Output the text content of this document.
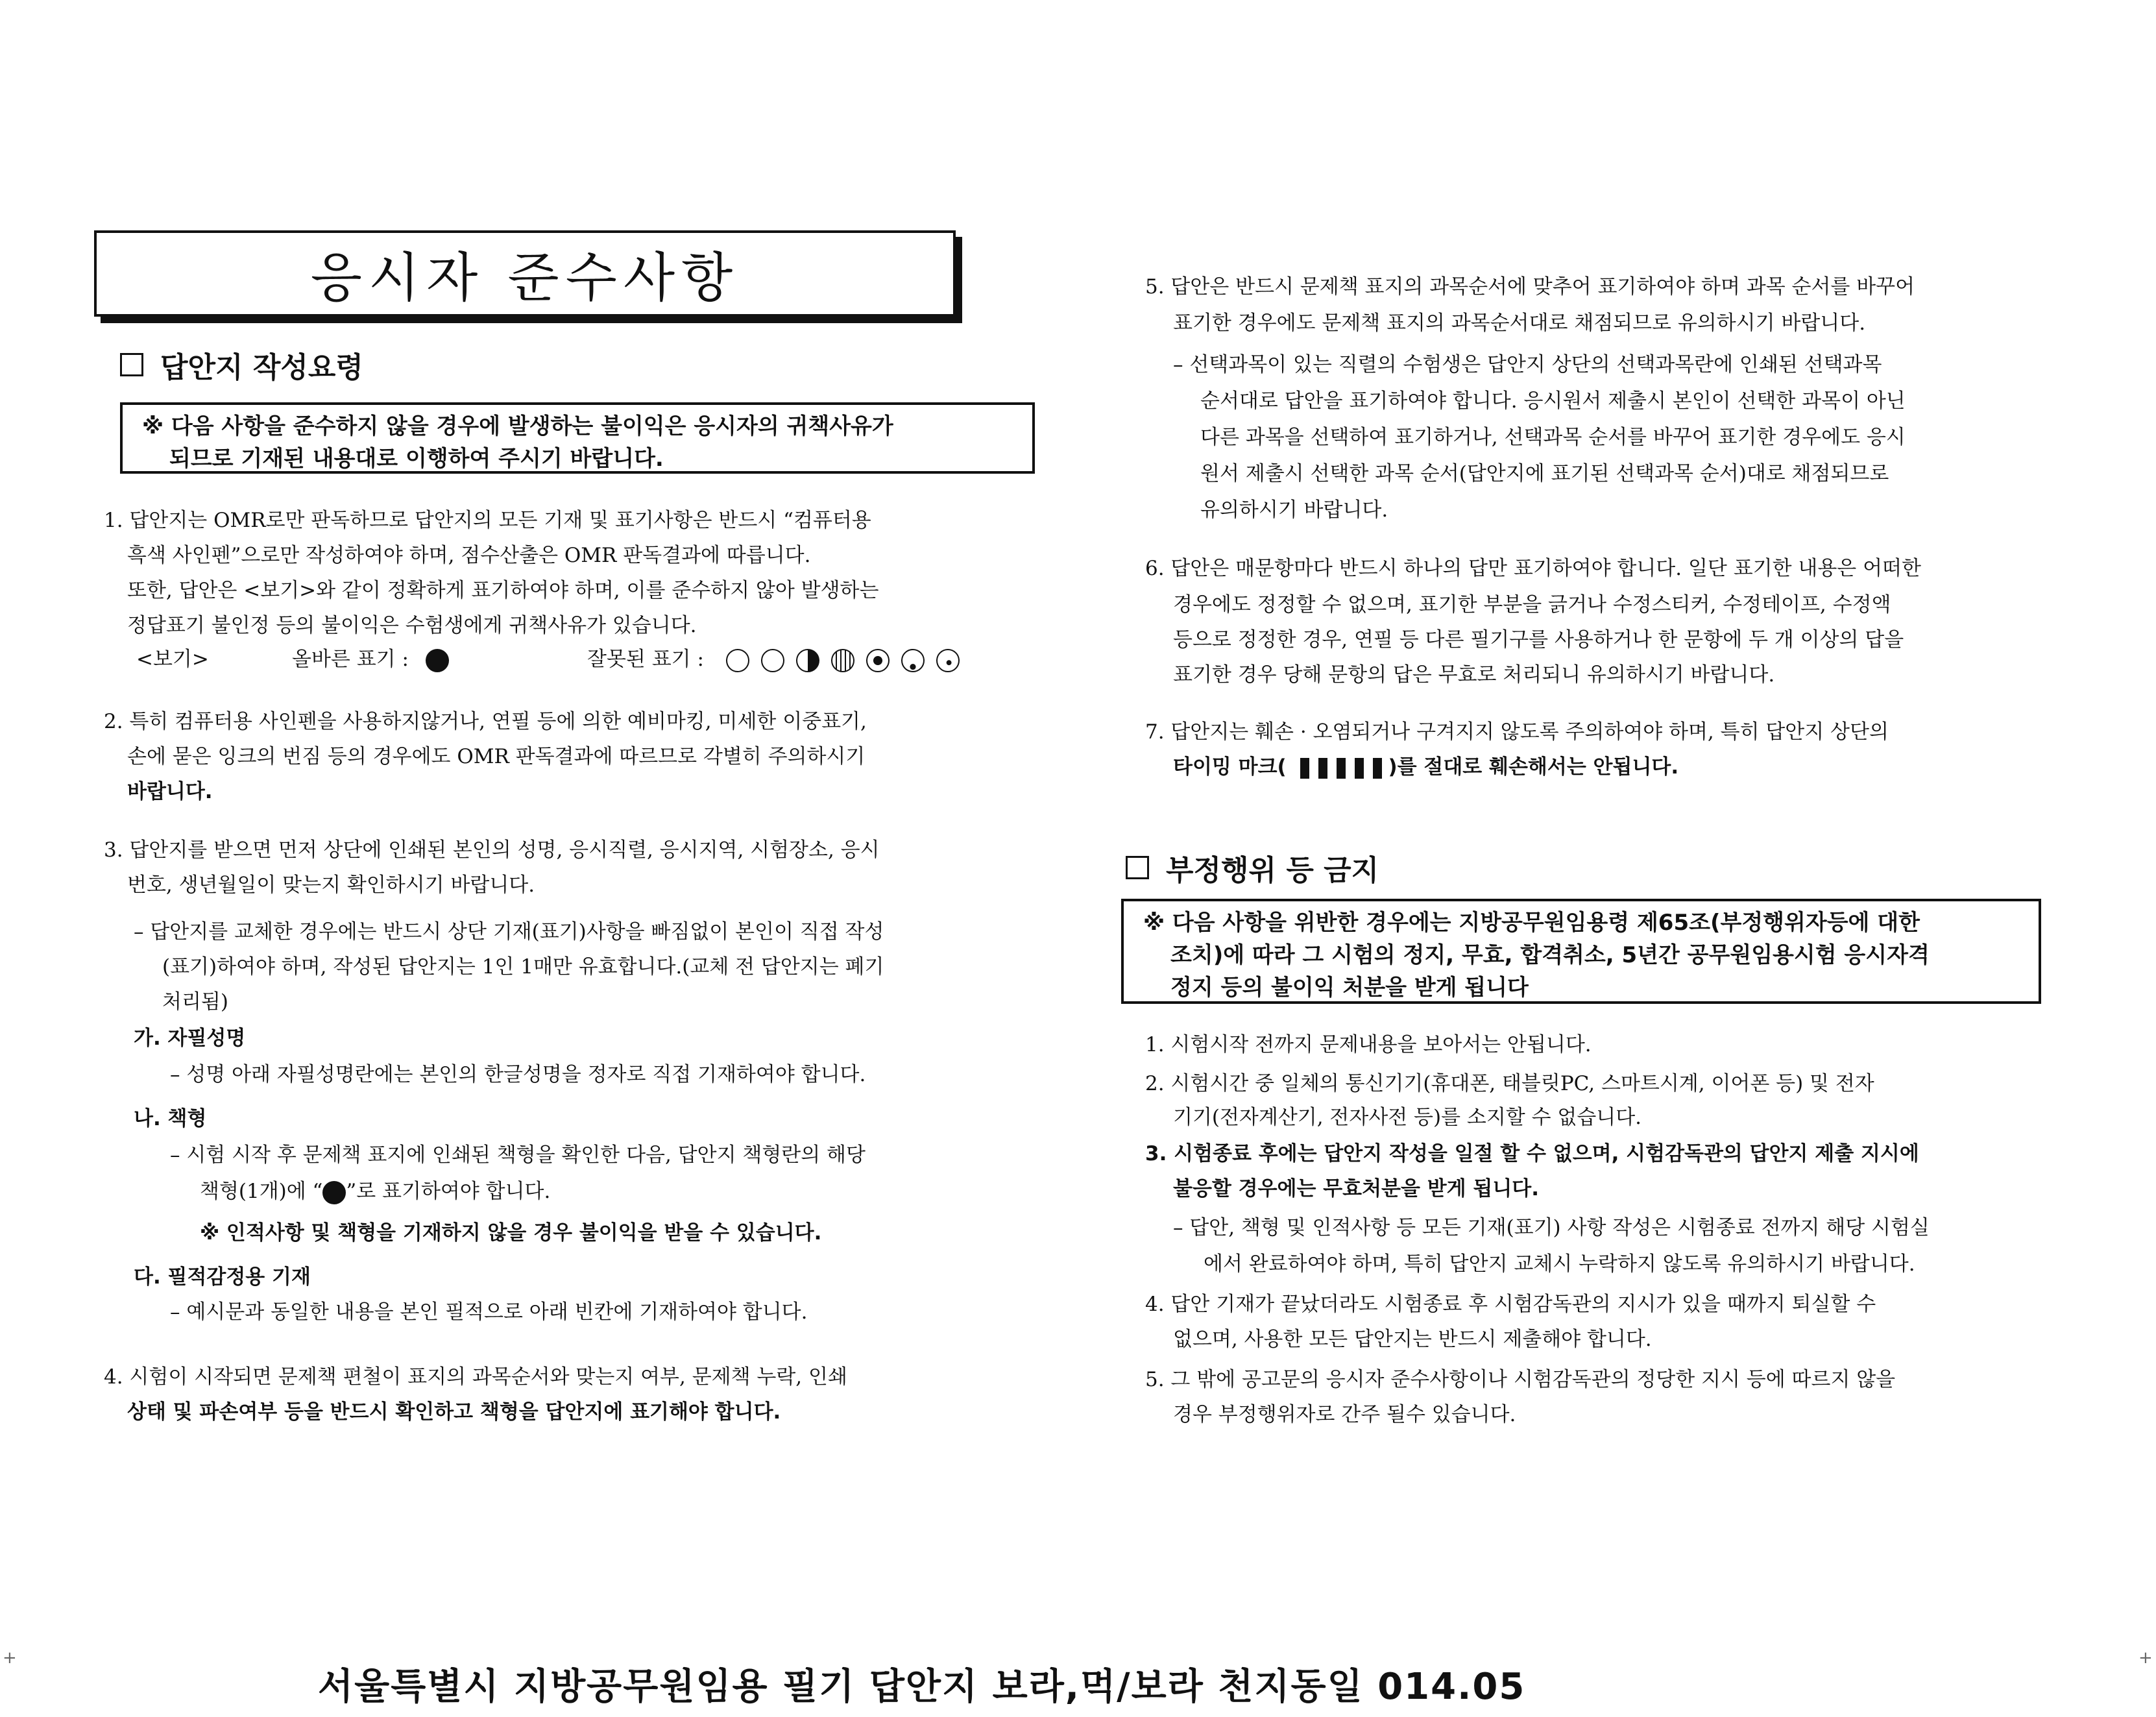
응시자 준수사항
답안지 작성요령
※ 다음 사항을 준수하지 않을 경우에 발생하는 불이익은 응시자의 귀책사유가
되므로 기재된 내용대로 이행하여 주시기 바랍니다.
1. 답안지는 OMR로만 판독하므로 답안지의 모든 기재 및 표기사항은 반드시 “컴퓨터용
흑색 사인펜”으로만 작성하여야 하며, 점수산출은 OMR 판독결과에 따릅니다.
또한, 답안은 <보기>와 같이 정확하게 표기하여야 하며, 이를 준수하지 않아 발생하는
정답표기 불인정 등의 불이익은 수험생에게 귀책사유가 있습니다.
<보기>	올바른 표기 :	잘못된 표기 :
2. 특히 컴퓨터용 사인펜을 사용하지않거나, 연필 등에 의한 예비마킹, 미세한 이중표기,
손에 묻은 잉크의 번짐 등의 경우에도 OMR 판독결과에 따르므로 각별히 주의하시기
바랍니다.
3. 답안지를 받으면 먼저 상단에 인쇄된 본인의 성명, 응시직렬, 응시지역, 시험장소, 응시
번호, 생년월일이 맞는지 확인하시기 바랍니다.
– 답안지를 교체한 경우에는 반드시 상단 기재(표기)사항을 빠짐없이 본인이 직접 작성
(표기)하여야 하며, 작성된 답안지는 1인 1매만 유효합니다.(교체 전 답안지는 폐기
처리됨)
가. 자필성명
– 성명 아래 자필성명란에는 본인의 한글성명을 정자로 직접 기재하여야 합니다.
나. 책형
– 시험 시작 후 문제책 표지에 인쇄된 책형을 확인한 다음, 답안지 책형란의 해당
책형(1개)에 “ ”로 표기하여야 합니다.
※ 인적사항 및 책형을 기재하지 않을 경우 불이익을 받을 수 있습니다.
다. 필적감정용 기재
– 예시문과 동일한 내용을 본인 필적으로 아래 빈칸에 기재하여야 합니다.
4. 시험이 시작되면 문제책 편철이 표지의 과목순서와 맞는지 여부, 문제책 누락, 인쇄
상태 및 파손여부 등을 반드시 확인하고 책형을 답안지에 표기해야 합니다.
5. 답안은 반드시 문제책 표지의 과목순서에 맞추어 표기하여야 하며 과목 순서를 바꾸어
표기한 경우에도 문제책 표지의 과목순서대로 채점되므로 유의하시기 바랍니다.
– 선택과목이 있는 직렬의 수험생은 답안지 상단의 선택과목란에 인쇄된 선택과목
순서대로 답안을 표기하여야 합니다. 응시원서 제출시 본인이 선택한 과목이 아닌
다른 과목을 선택하여 표기하거나, 선택과목 순서를 바꾸어 표기한 경우에도 응시
원서 제출시 선택한 과목 순서(답안지에 표기된 선택과목 순서)대로 채점되므로
유의하시기 바랍니다.
6. 답안은 매문항마다 반드시 하나의 답만 표기하여야 합니다. 일단 표기한 내용은 어떠한
경우에도 정정할 수 없으며, 표기한 부분을 긁거나 수정스티커, 수정테이프, 수정액
등으로 정정한 경우, 연필 등 다른 필기구를 사용하거나 한 문항에 두 개 이상의 답을
표기한 경우 당해 문항의 답은 무효로 처리되니 유의하시기 바랍니다.
7. 답안지는 훼손 · 오염되거나 구겨지지 않도록 주의하여야 하며, 특히 답안지 상단의
타이밍 마크(	)를 절대로 훼손해서는 안됩니다.
부정행위 등 금지
※ 다음 사항을 위반한 경우에는 지방공무원임용령 제65조(부정행위자등에 대한
조치)에 따라 그 시험의 정지, 무효, 합격취소, 5년간 공무원임용시험 응시자격
정지 등의 불이익 처분을 받게 됩니다
1. 시험시작 전까지 문제내용을 보아서는 안됩니다.
2. 시험시간 중 일체의 통신기기(휴대폰, 태블릿PC, 스마트시계, 이어폰 등) 및 전자
기기(전자계산기, 전자사전 등)를 소지할 수 없습니다.
3. 시험종료 후에는 답안지 작성을 일절 할 수 없으며, 시험감독관의 답안지 제출 지시에
불응할 경우에는 무효처분을 받게 됩니다.
– 답안, 책형 및 인적사항 등 모든 기재(표기) 사항 작성은 시험종료 전까지 해당 시험실
에서 완료하여야 하며, 특히 답안지 교체시 누락하지 않도록 유의하시기 바랍니다.
4. 답안 기재가 끝났더라도 시험종료 후 시험감독관의 지시가 있을 때까지 퇴실할 수
없으며, 사용한 모든 답안지는 반드시 제출해야 합니다.
5. 그 밖에 공고문의 응시자 준수사항이나 시험감독관의 정당한 지시 등에 따르지 않을
경우 부정행위자로 간주 될수 있습니다.
+	+
서울특별시 지방공무원임용 필기 답안지 보라,먹/보라 천지동일 014.05
